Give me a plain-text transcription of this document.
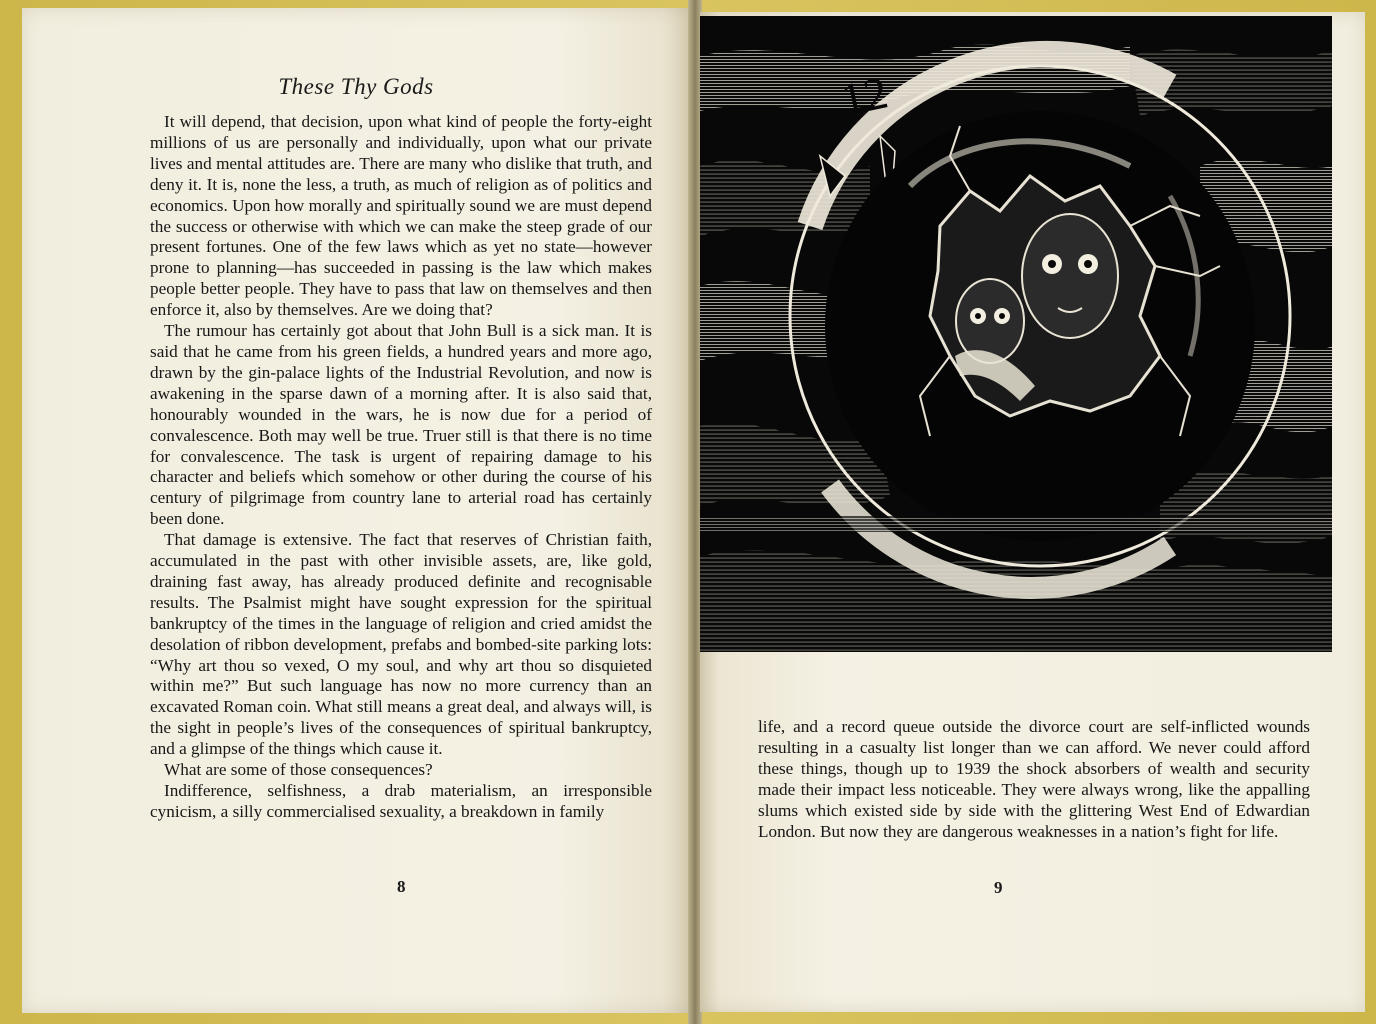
These Thy Gods

It will depend, that decision, upon what kind of people the forty-eight millions of us are personally and individually, upon what our private lives and mental attitudes are. There are many who dislike that truth, and deny it. It is, none the less, a truth, as much of religion as of politics and economics. Upon how morally and spiritually sound we are must depend the success or otherwise with which we can make the steep grade of our present fortunes. One of the few laws which as yet no state—however prone to planning—has succeeded in passing is the law which makes people better people. They have to pass that law on themselves and then enforce it, also by themselves. Are we doing that?

The rumour has certainly got about that John Bull is a sick man. It is said that he came from his green fields, a hundred years and more ago, drawn by the gin-palace lights of the Industrial Revolution, and now is awakening in the sparse dawn of a morning after. It is also said that, honourably wounded in the wars, he is now due for a period of convalescence. Both may well be true. Truer still is that there is no time for convalescence. The task is urgent of repairing damage to his character and beliefs which somehow or other during the course of his century of pilgrimage from country lane to arterial road has certainly been done.

That damage is extensive. The fact that reserves of Christian faith, accumulated in the past with other invisible assets, are, like gold, draining fast away, has already produced definite and recognisable results. The Psalmist might have sought expression for the spiritual bankruptcy of the times in the language of religion and cried amidst the desolation of ribbon development, prefabs and bombed-site parking lots: “Why art thou so vexed, O my soul, and why art thou so disquieted within me?” But such language has now no more currency than an excavated Roman coin. What still means a great deal, and always will, is the sight in people’s lives of the consequences of spiritual bankruptcy, and a glimpse of the things which cause it.

What are some of those consequences?

Indifference, selfishness, a drab materialism, an irresponsible cynicism, a silly commercialised sexuality, a breakdown in family

8
11
12

life, and a record queue outside the divorce court are self-inflicted wounds resulting in a casualty list longer than we can afford. We never could afford these things, though up to 1939 the shock absorbers of wealth and security made their impact less noticeable. They were always wrong, like the appalling slums which existed side by side with the glittering West End of Edwardian London. But now they are dangerous weaknesses in a nation’s fight for life.

9
